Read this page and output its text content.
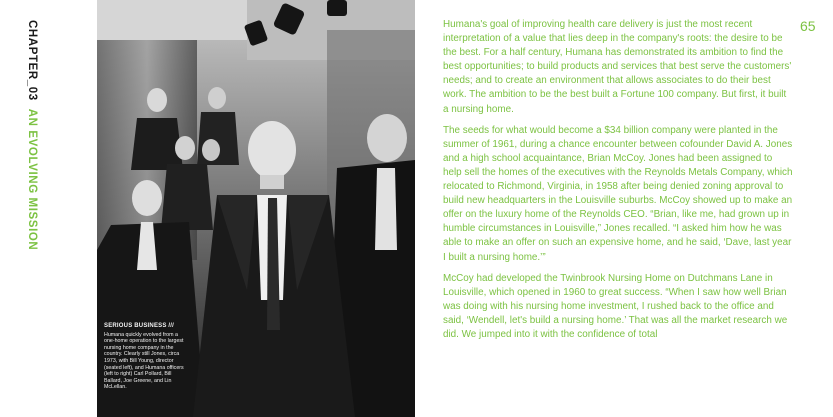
CHAPTER_03AN EVOLVING MISSION
SERIOUS BUSINESS ///
Humana quickly evolved from a one-home operation to the largest nursing home company in the country. Clearly still Jones, circa 1973, with Bill Young, director (seated left), and Humana officers (left to right) Carl Pollard, Bill Ballard, Joe Greene, and Lin McLellan.
65

Humana's goal of improving health care delivery is just the most recent interpretation of a value that lies deep in the company's roots: the desire to be the best. For a half century, Humana has demonstrated its ambition to find the best opportunities; to build products and services that best serve the customers' needs; and to create an environment that allows associates to do their best work. The ambition to be the best built a Fortune 100 company. But first, it built a nursing home.

The seeds for what would become a $34 billion company were planted in the summer of 1961, during a chance encounter between cofounder David A. Jones and a high school acquaintance, Brian McCoy. Jones had been assigned to help sell the homes of the executives with the Reynolds Metals Company, which relocated to Richmond, Virginia, in 1958 after being denied zoning approval to build new headquarters in the Louisville suburbs. McCoy showed up to make an offer on the luxury home of the Reynolds CEO. “Brian, like me, had grown up in humble circumstances in Louisville,” Jones recalled. “I asked him how he was able to make an offer on such an expensive home, and he said, ‘Dave, last year I built a nursing home.’”

McCoy had developed the Twinbrook Nursing Home on Dutchmans Lane in Louisville, which opened in 1960 to great success. “When I saw how well Brian was doing with his nursing home investment, I rushed back to the office and said, ‘Wendell, let's build a nursing home.’ That was all the market research we did. We jumped into it with the confidence of total
